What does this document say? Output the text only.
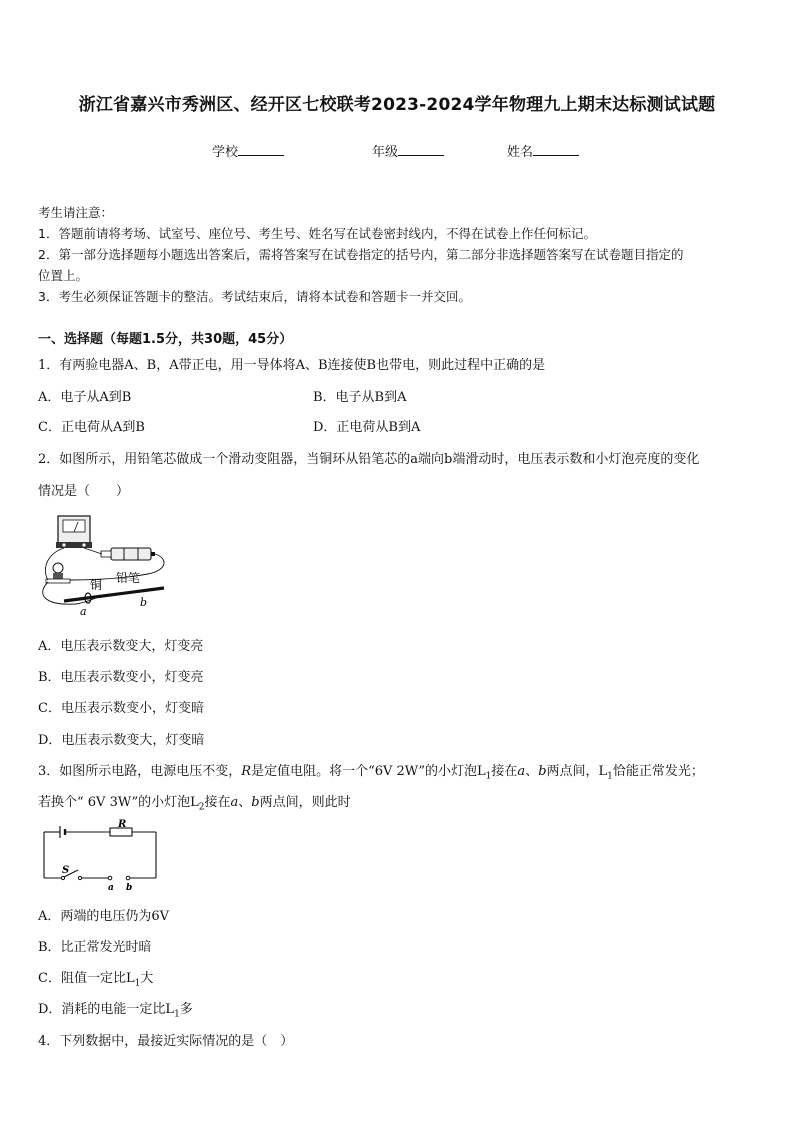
浙江省嘉兴市秀洲区、经开区七校联考2023-2024学年物理九上期末达标测试试题
学校	年级	姓名
考生请注意：
1．答题前请将考场、试室号、座位号、考生号、姓名写在试卷密封线内，不得在试卷上作任何标记。
2．第一部分选择题每小题选出答案后，需将答案写在试卷指定的括号内，第二部分非选择题答案写在试卷题目指定的
位置上。
3．考生必须保证答题卡的整洁。考试结束后，请将本试卷和答题卡一并交回。
一、选择题（每题1.5分，共30题，45分）
1．有两验电器A、B，A带正电，用一导体将A、B连接使B也带电，则此过程中正确的是
A．电子从A到B	B．电子从B到A
C．正电荷从A到B	D．正电荷从B到A
2．如图所示，用铅笔芯做成一个滑动变阻器，当铜环从铅笔芯的a端向b端滑动时，电压表示数和小灯泡亮度的变化
情况是（　　）
铜 铅笔
a
b
A．电压表示数变大，灯变亮
B．电压表示数变小，灯变亮
C．电压表示数变小，灯变暗
D．电压表示数变大，灯变暗
3．如图所示电路，电源电压不变，R是定值电阻。将一个“6V 2W”的小灯泡$L_1$接在a、b两点间，$L_1$恰能正常发光；
若换个“ 6V 3W”的小灯泡$L_2$接在a、b两点间，则此时
R
S
a b
A．两端的电压仍为6V
B．比正常发光时暗
C．阻值一定比$L_1$大
D．消耗的电能一定比$L_1$多
4．下列数据中，最接近实际情况的是（　）
